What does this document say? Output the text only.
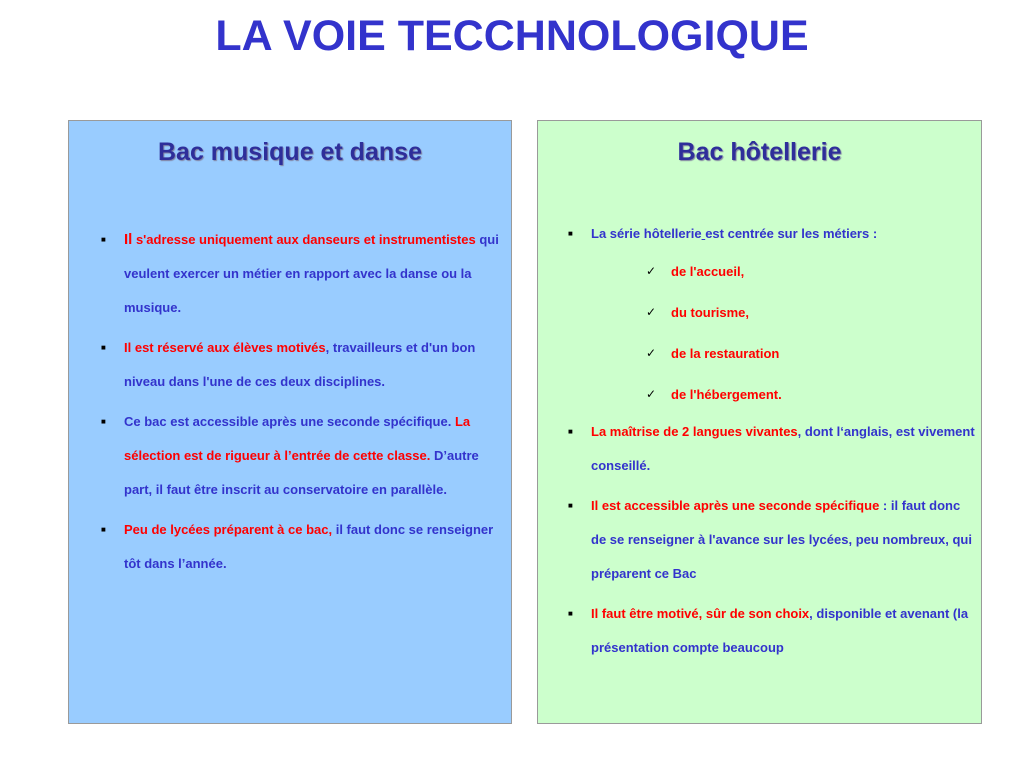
LA VOIE TECCHNOLOGIQUE
Bac musique et danse
■ Il s'adresse uniquement aux danseurs et instrumentistes qui veulent exercer un métier en rapport avec la danse ou la musique.
■ Il est réservé aux élèves motivés, travailleurs et d'un bon niveau dans l'une de ces deux disciplines.
■ Ce bac est accessible après une seconde spécifique. La sélection est de rigueur à l’entrée de cette classe. D’autre part, il faut être inscrit au conservatoire en parallèle.
■ Peu de lycées préparent à ce bac, il faut donc se renseigner tôt dans l’année.
Bac hôtellerie
■ La série hôtellerie est centrée sur les métiers :
✓ de l'accueil,
✓ du tourisme,
✓ de la restauration
✓ de l'hébergement.
■ La maîtrise de 2 langues vivantes, dont l‘anglais, est vivement conseillé.
■ Il est accessible après une seconde spécifique : il faut donc de se renseigner à l'avance sur les lycées, peu nombreux, qui préparent ce Bac
■ Il faut être motivé, sûr de son choix, disponible et avenant (la présentation compte beaucoup
